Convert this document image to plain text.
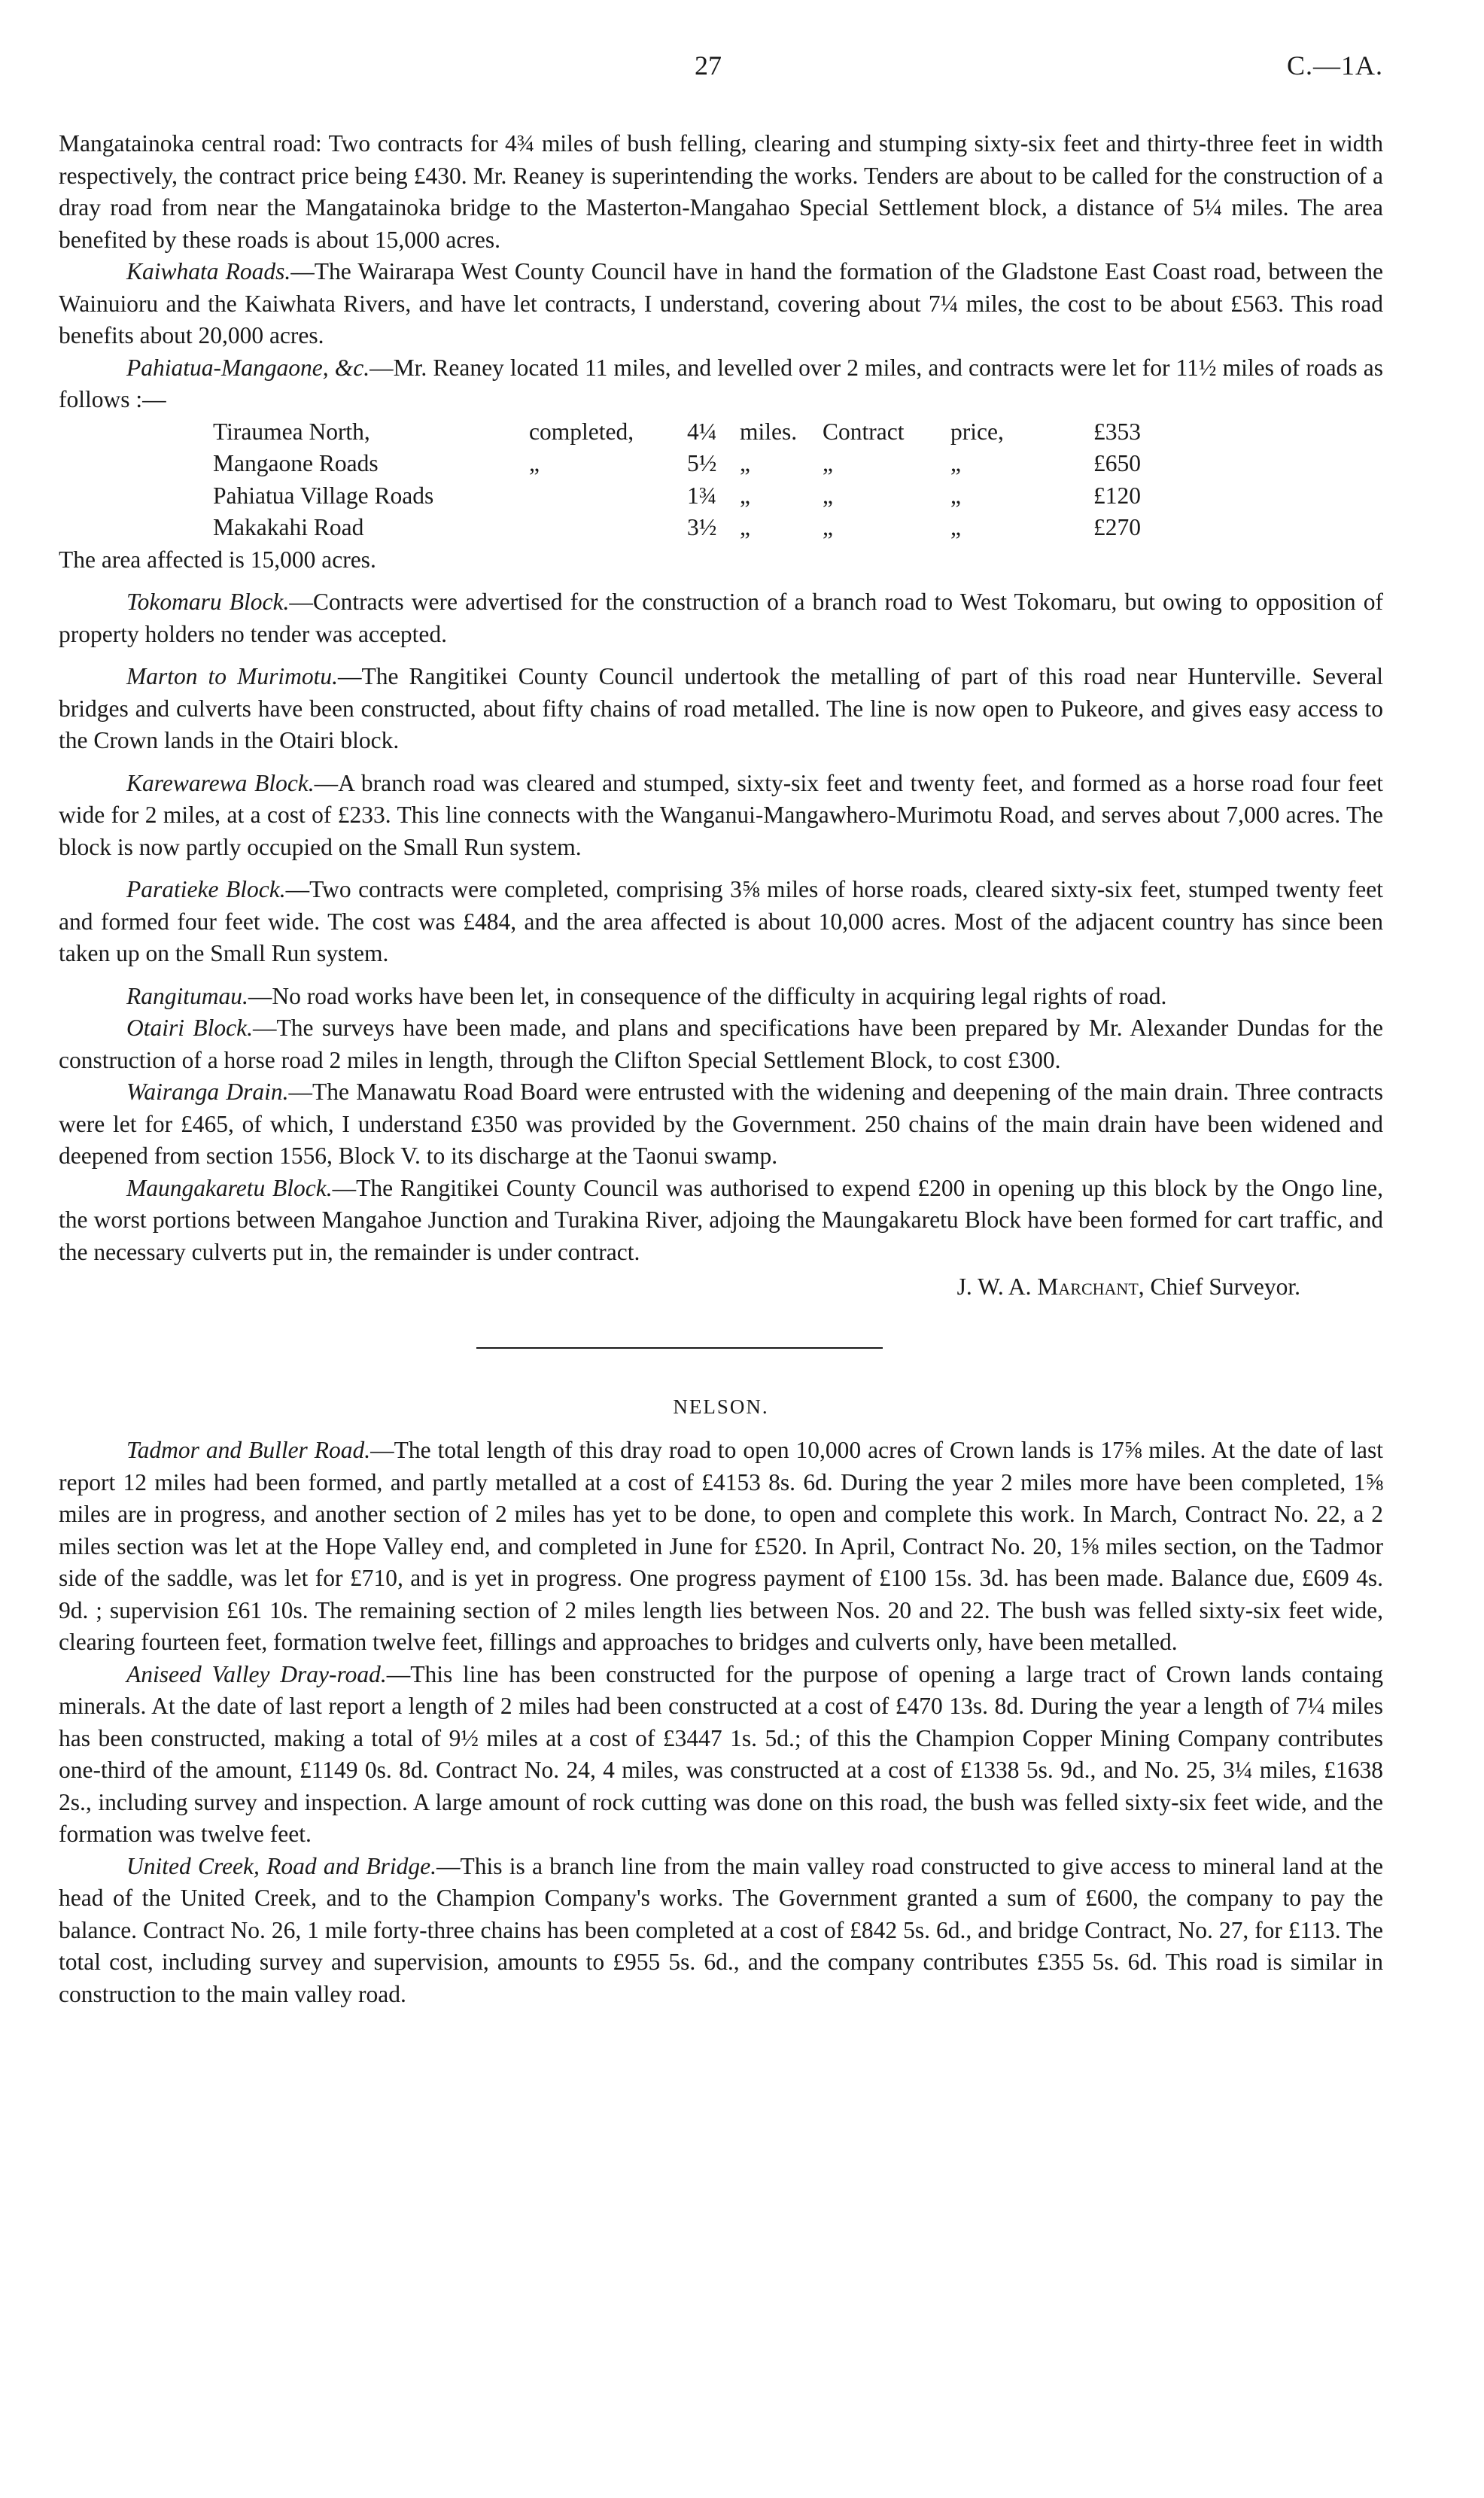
27	C.—1A.

Mangatainoka central road: Two contracts for 4¾ miles of bush felling, clearing and stumping sixty-six feet and thirty-three feet in width respectively, the contract price being £430. Mr. Reaney is superintending the works. Tenders are about to be called for the construction of a dray road from near the Mangatainoka bridge to the Masterton-Mangahao Special Settlement block, a distance of 5¼ miles. The area benefited by these roads is about 15,000 acres.

Kaiwhata Roads.—The Wairarapa West County Council have in hand the formation of the Gladstone East Coast road, between the Wainuioru and the Kaiwhata Rivers, and have let contracts, I understand, covering about 7¼ miles, the cost to be about £563. This road benefits about 20,000 acres.

Pahiatua-Mangaone, &c.—Mr. Reaney located 11 miles, and levelled over 2 miles, and contracts were let for 11½ miles of roads as follows :—

Tiraumea North,	completed,	4¼	miles.	Contract	price,	£353
Mangaone Roads	„	5½	„	„	„	£650
Pahiatua Village Roads		1¾	„	„	„	£120
Makakahi Road		3½	„	„	„	£270

The area affected is 15,000 acres.

Tokomaru Block.—Contracts were advertised for the construction of a branch road to West Tokomaru, but owing to opposition of property holders no tender was accepted.

Marton to Murimotu.—The Rangitikei County Council undertook the metalling of part of this road near Hunterville. Several bridges and culverts have been constructed, about fifty chains of road metalled. The line is now open to Pukeore, and gives easy access to the Crown lands in the Otairi block.

Karewarewa Block.—A branch road was cleared and stumped, sixty-six feet and twenty feet, and formed as a horse road four feet wide for 2 miles, at a cost of £233. This line connects with the Wanganui-Mangawhero-Murimotu Road, and serves about 7,000 acres. The block is now partly occupied on the Small Run system.

Paratieke Block.—Two contracts were completed, comprising 3⅝ miles of horse roads, cleared sixty-six feet, stumped twenty feet and formed four feet wide. The cost was £484, and the area affected is about 10,000 acres. Most of the adjacent country has since been taken up on the Small Run system.

Rangitumau.—No road works have been let, in consequence of the difficulty in acquiring legal rights of road.

Otairi Block.—The surveys have been made, and plans and specifications have been prepared by Mr. Alexander Dundas for the construction of a horse road 2 miles in length, through the Clifton Special Settlement Block, to cost £300.

Wairanga Drain.—The Manawatu Road Board were entrusted with the widening and deepening of the main drain. Three contracts were let for £465, of which, I understand £350 was provided by the Government. 250 chains of the main drain have been widened and deepened from section 1556, Block V. to its discharge at the Taonui swamp.

Maungakaretu Block.—The Rangitikei County Council was authorised to expend £200 in opening up this block by the Ongo line, the worst portions between Mangahoe Junction and Turakina River, adjoing the Maungakaretu Block have been formed for cart traffic, and the necessary culverts put in, the remainder is under contract.

J. W. A. Marchant, Chief Surveyor.

NELSON.

Tadmor and Buller Road.—The total length of this dray road to open 10,000 acres of Crown lands is 17⅝ miles. At the date of last report 12 miles had been formed, and partly metalled at a cost of £4153 8s. 6d. During the year 2 miles more have been completed, 1⅝ miles are in progress, and another section of 2 miles has yet to be done, to open and complete this work. In March, Contract No. 22, a 2 miles section was let at the Hope Valley end, and completed in June for £520. In April, Contract No. 20, 1⅝ miles section, on the Tadmor side of the saddle, was let for £710, and is yet in progress. One progress payment of £100 15s. 3d. has been made. Balance due, £609 4s. 9d. ; supervision £61 10s. The remaining section of 2 miles length lies between Nos. 20 and 22. The bush was felled sixty-six feet wide, clearing fourteen feet, formation twelve feet, fillings and approaches to bridges and culverts only, have been metalled.

Aniseed Valley Dray-road.—This line has been constructed for the purpose of opening a large tract of Crown lands containg minerals. At the date of last report a length of 2 miles had been constructed at a cost of £470 13s. 8d. During the year a length of 7¼ miles has been constructed, making a total of 9½ miles at a cost of £3447 1s. 5d.; of this the Champion Copper Mining Company contributes one-third of the amount, £1149 0s. 8d. Contract No. 24, 4 miles, was constructed at a cost of £1338 5s. 9d., and No. 25, 3¼ miles, £1638 2s., including survey and inspection. A large amount of rock cutting was done on this road, the bush was felled sixty-six feet wide, and the formation was twelve feet.

United Creek, Road and Bridge.—This is a branch line from the main valley road constructed to give access to mineral land at the head of the United Creek, and to the Champion Company's works. The Government granted a sum of £600, the company to pay the balance. Contract No. 26, 1 mile forty-three chains has been completed at a cost of £842 5s. 6d., and bridge Contract, No. 27, for £113. The total cost, including survey and supervision, amounts to £955 5s. 6d., and the company contributes £355 5s. 6d. This road is similar in construction to the main valley road.
